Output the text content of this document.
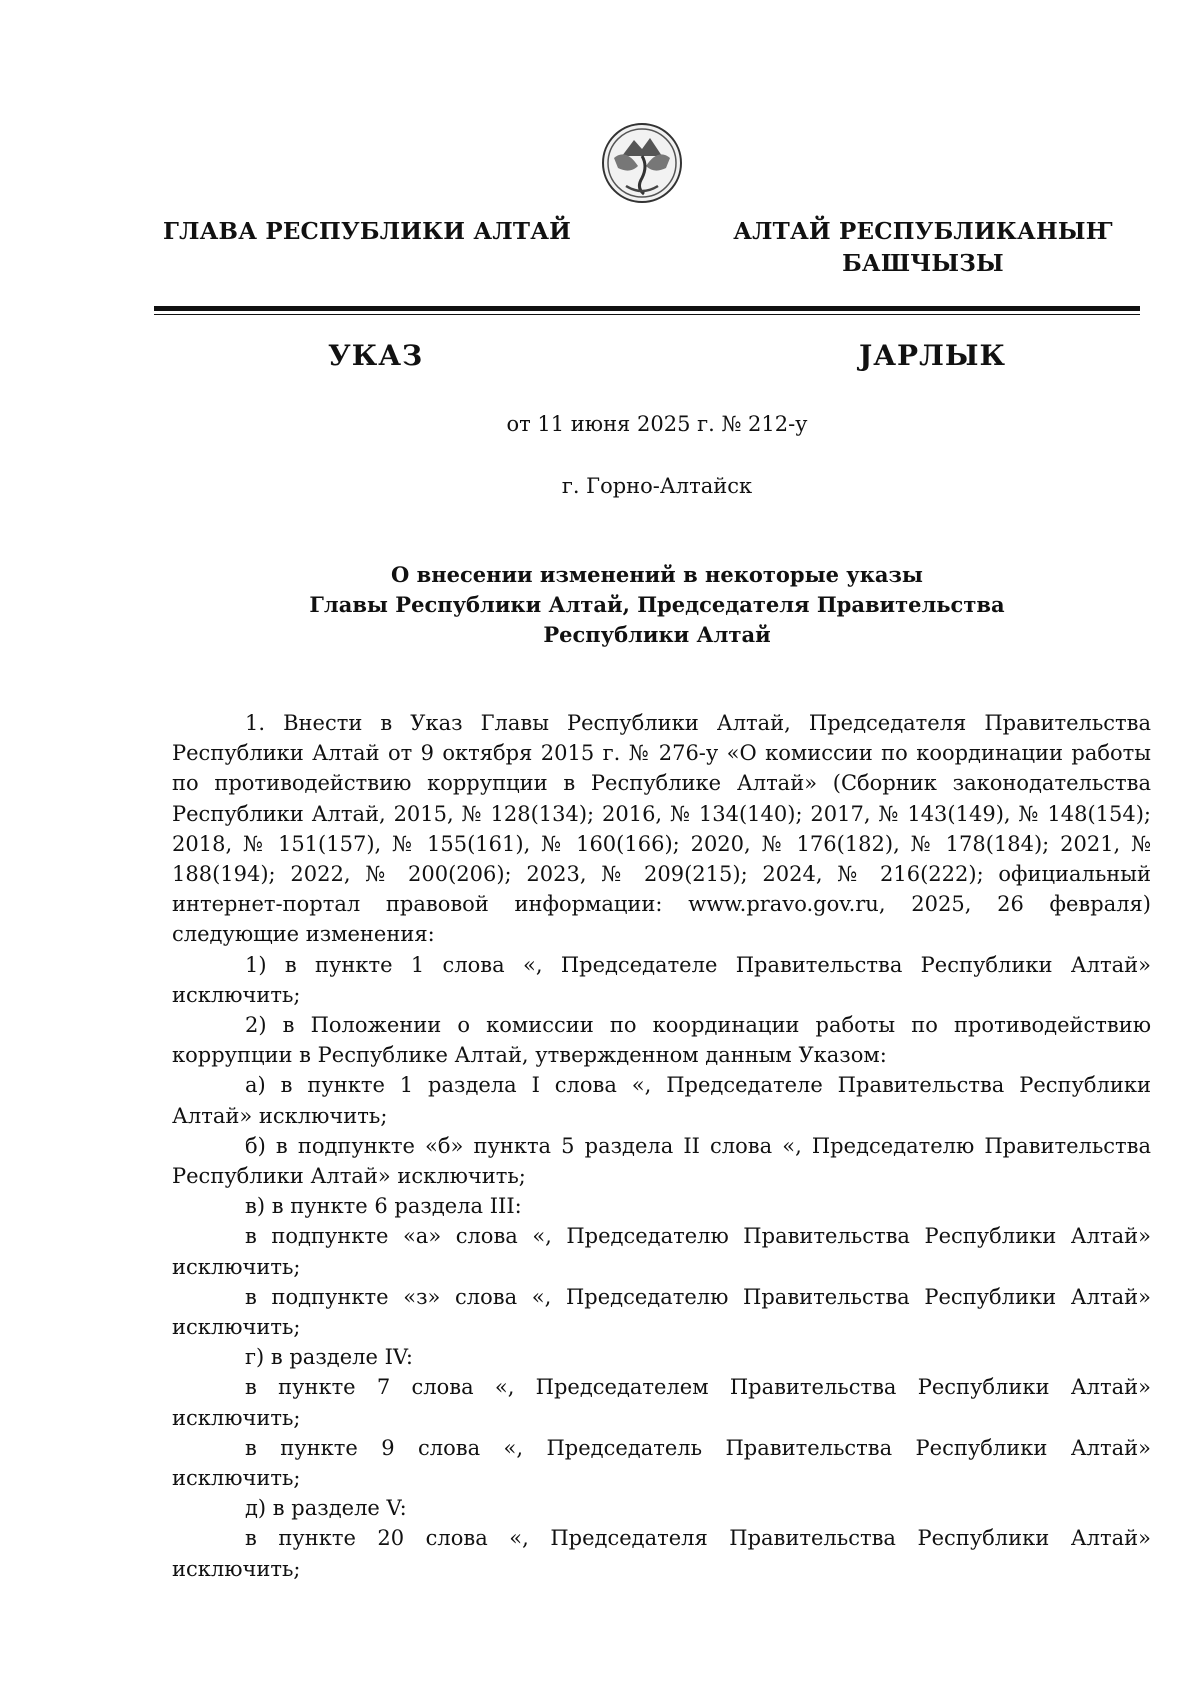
ГЛАВА РЕСПУБЛИКИ АЛТАЙ	АЛТАЙ РЕСПУБЛИКАНЫҤ
БАШЧЫЗЫ
УКАЗ	ЈАРЛЫК
от 11 июня 2025 г. № 212-у
г. Горно-Алтайск
О внесении изменений в некоторые указы
Главы Республики Алтай, Председателя Правительства
Республики Алтай

1. Внести в Указ Главы Республики Алтай, Председателя Правительства Республики Алтай от 9 октября 2015 г. № 276-у «О комиссии по координации работы по противодействию коррупции в Республике Алтай» (Сборник законодательства Республики Алтай, 2015, № 128(134); 2016, № 134(140); 2017, № 143(149), № 148(154); 2018, № 151(157), № 155(161), № 160(166); 2020, № 176(182), № 178(184); 2021, № 188(194); 2022, № 200(206); 2023, № 209(215); 2024, № 216(222); официальный интернет-портал правовой информации: www.pravo.gov.ru, 2025, 26 февраля) следующие изменения:

1) в пункте 1 слова «, Председателе Правительства Республики Алтай» исключить;

2) в Положении о комиссии по координации работы по противодействию коррупции в Республике Алтай, утвержденном данным Указом:

а) в пункте 1 раздела I слова «, Председателе Правительства Республики Алтай» исключить;

б) в подпункте «б» пункта 5 раздела II слова «, Председателю Правительства Республики Алтай» исключить;

в) в пункте 6 раздела III:

в подпункте «а» слова «, Председателю Правительства Республики Алтай» исключить;

в подпункте «з» слова «, Председателю Правительства Республики Алтай» исключить;

г) в разделе IV:

в пункте 7 слова «, Председателем Правительства Республики Алтай» исключить;

в пункте 9 слова «, Председатель Правительства Республики Алтай» исключить;

д) в разделе V:

в пункте 20 слова «, Председателя Правительства Республики Алтай» исключить;
